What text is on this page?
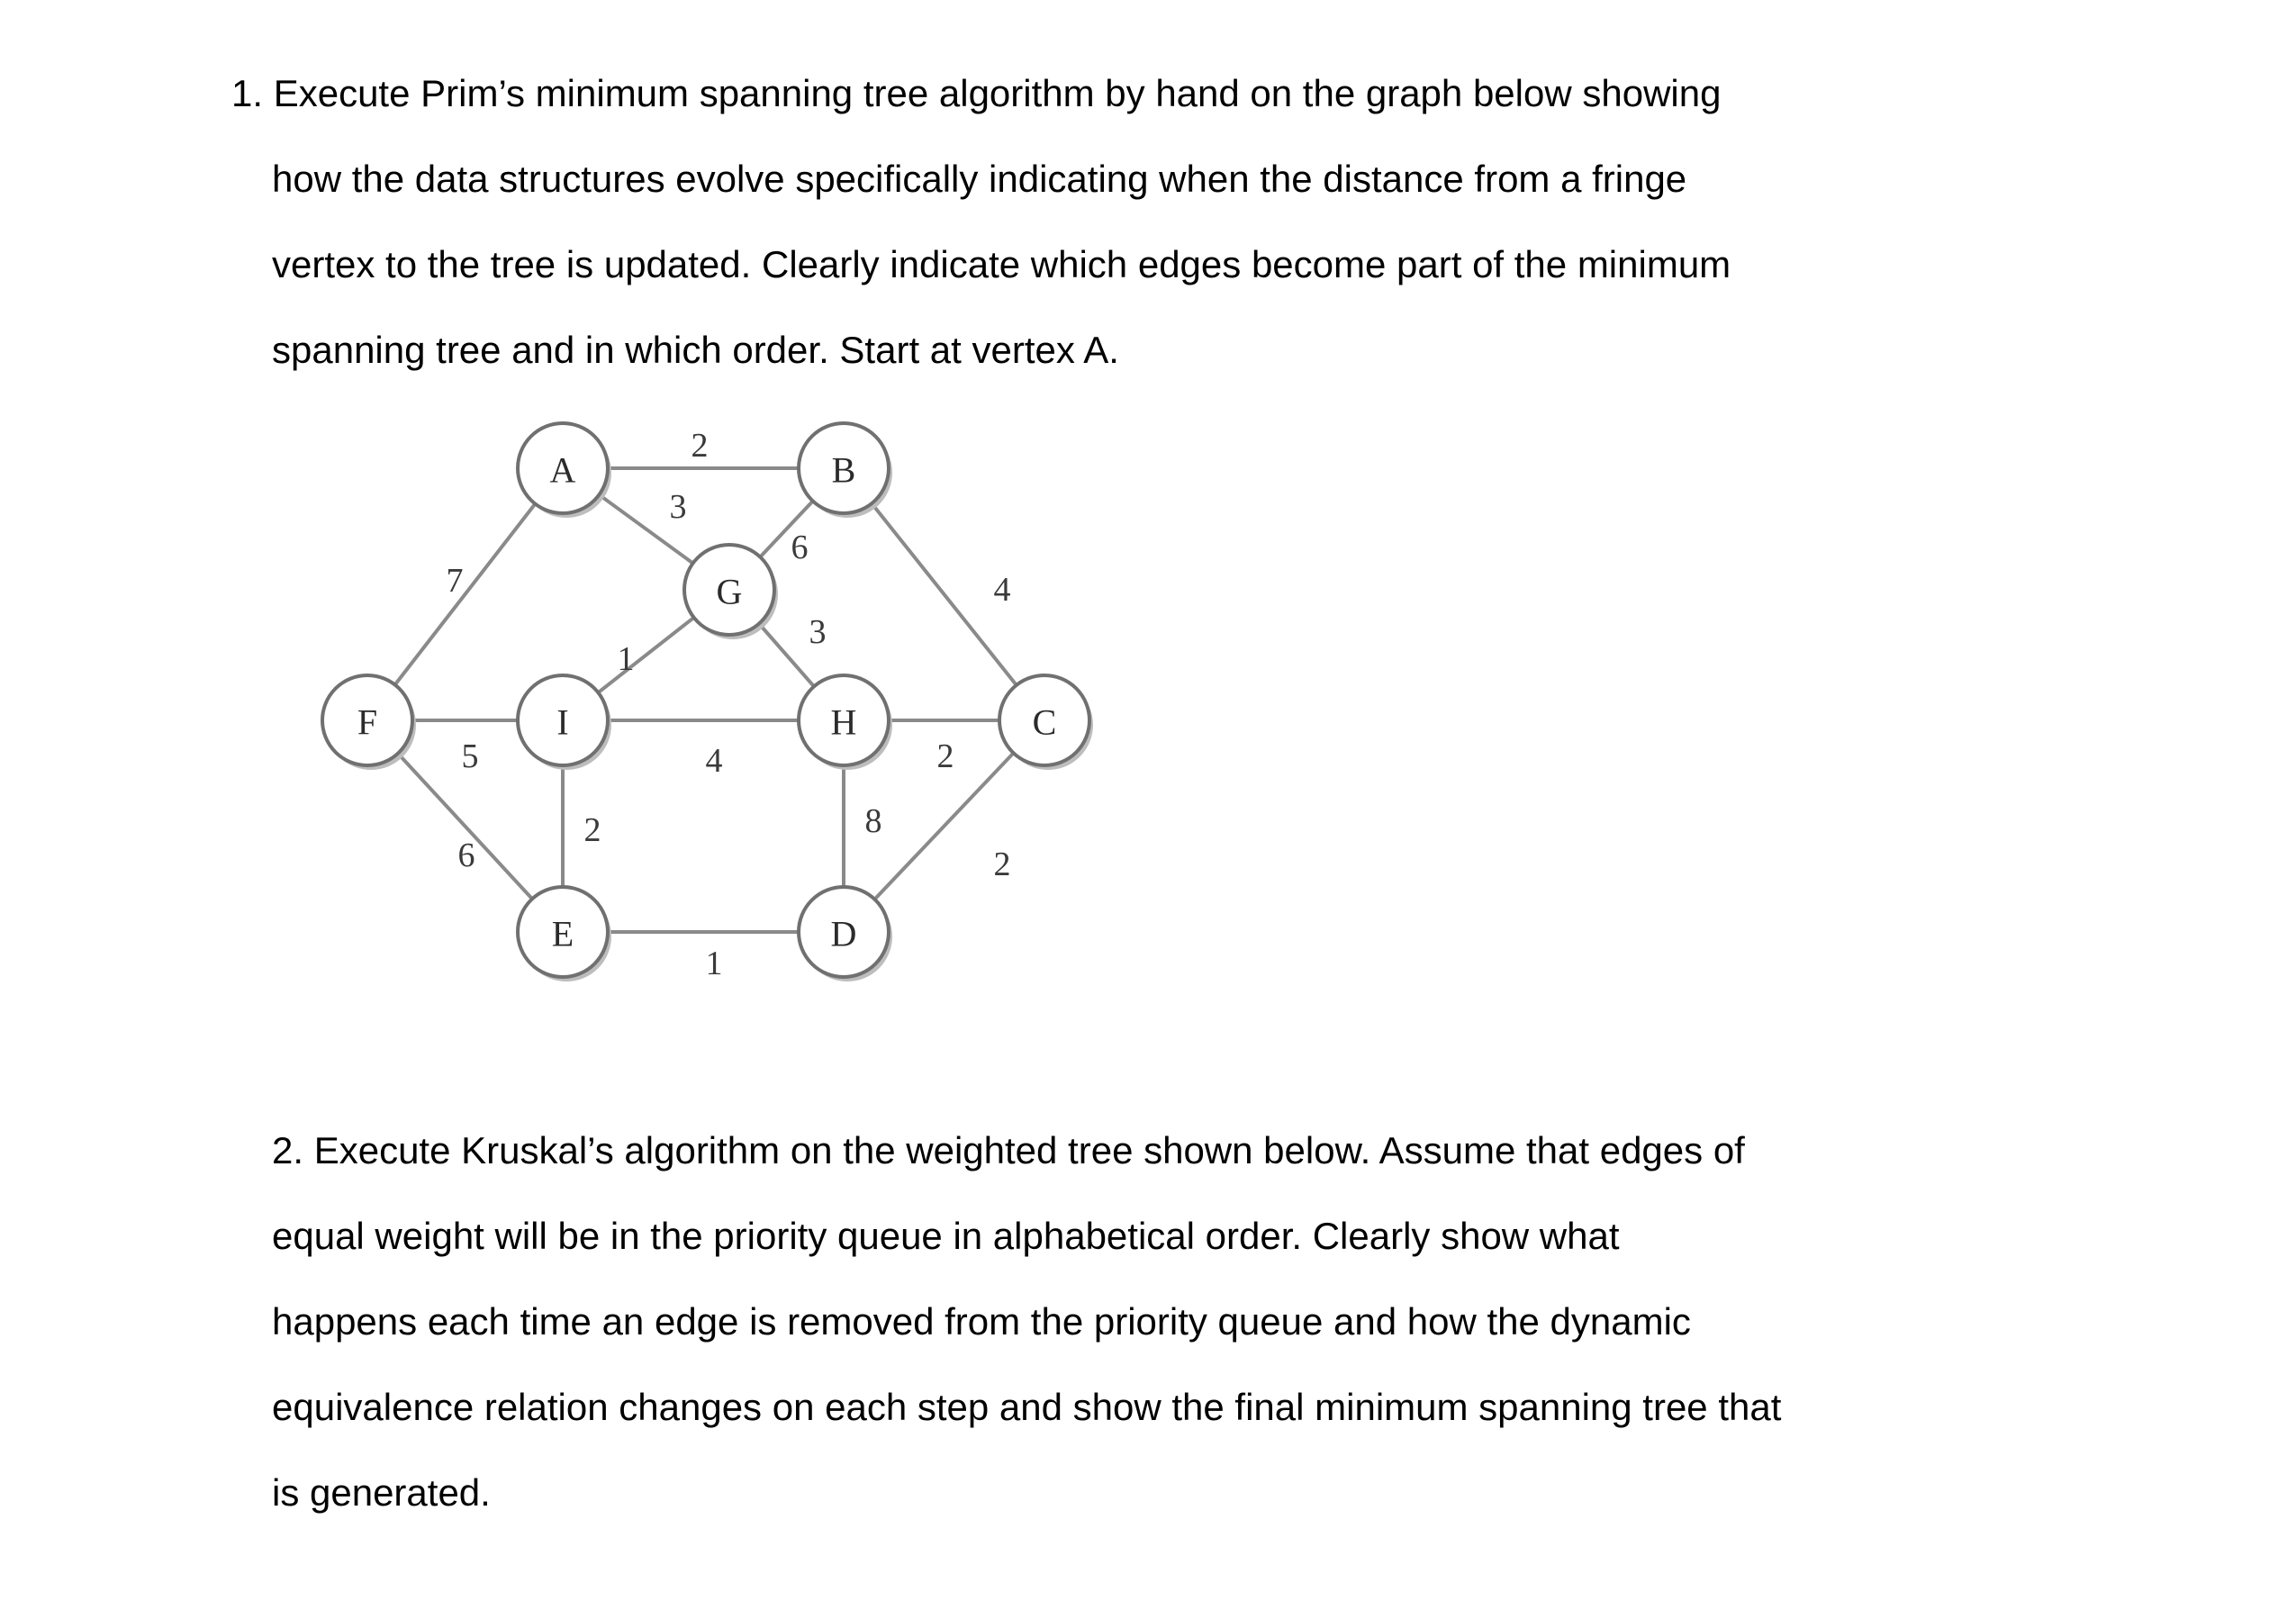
1. Execute Prim’s minimum spanning tree algorithm by hand on the graph below showing
how the data structures evolve specifically indicating when the distance from a fringe
vertex to the tree is updated. Clearly indicate which edges become part of the minimum
spanning tree and in which order. Start at vertex A.

2
3
7
6
4
3
1
5	4	2
6
2	8
2
1
A	B
C
D
E
F
G
H
I

2. Execute Kruskal’s algorithm on the weighted tree shown below. Assume that edges of
equal weight will be in the priority queue in alphabetical order. Clearly show what
happens each time an edge is removed from the priority queue and how the dynamic
equivalence relation changes on each step and show the final minimum spanning tree that
is generated.
